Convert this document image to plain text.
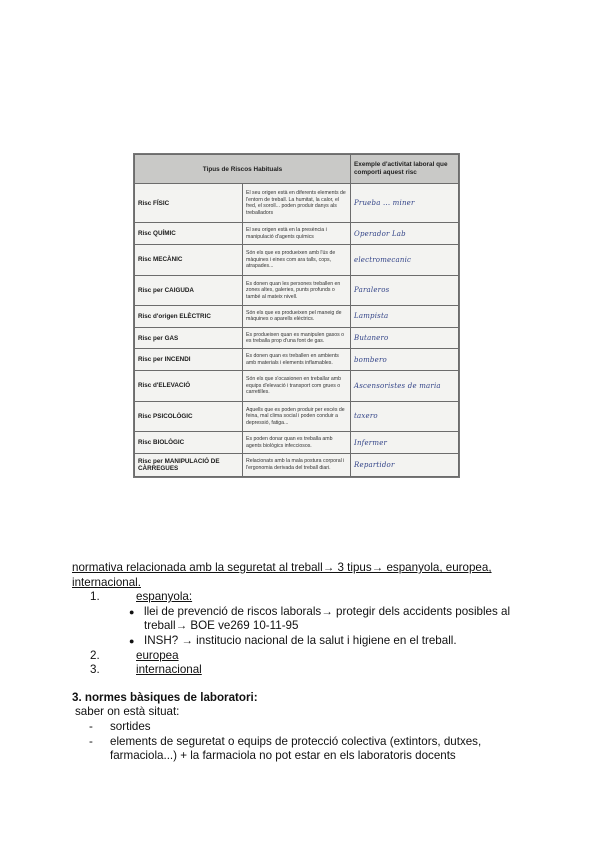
Tipus de Riscos Habituals		Exemple d'activitat laboral que comporti aquest risc
Risc FÍSIC	El seu origen està en diferents elements de l'entorn de treball. La humitat, la calor, el fred, el soroll... poden produir danys als treballadors	Prueba ... miner
Risc QUÍMIC	El seu origen està en la presència i manipulació d'agents químics	Operador Lab
Risc MECÀNIC	Són els que es produeixen amb l'ús de màquines i eines com ara talls, cops, atrapades...	electromecanic
Risc per CAIGUDA	Es donen quan les persones treballen en zones altes, galeries, punts profunds o també al mateix nivell.	Paraleros
Risc d'origen ELÈCTRIC	Són els que es produeixen pel maneig de màquines o aparells elèctrics.	Lampista
Risc per GAS	Es produeixen quan es manipulen gasos o es treballa prop d'una font de gas.	Butanero
Risc per INCENDI	Es donen quan es treballen en ambients amb materials i elements inflamables.	bombero
Risc d'ELEVACIÓ	Són els que s'ocasionen en treballar amb equips d'elevació i transport com grues o carretilles.	Ascensoristes de maria
Risc PSICOLÒGIC	Aquells que es poden produir per excés de feina, mal clima social i poden conduir a depressió, fatiga...	taxero
Risc BIOLÒGIC	Es poden donar quan es treballa amb agents biològics infecciosos.	Infermer
Risc per MANIPULACIÓ DE CÀRREGUES	Relacionats amb la mala postura corporal i l'ergonomia derivada del treball diari.	Repartidor
normativa relacionada amb la seguretat al treball→ 3 tipus→ espanyola, europea,
internacional.
1.	espanyola:
● llei de prevenció de riscos laborals→ protegir dels accidents posibles al
treball→ BOE ve269 10-11-95
● INSH? → institucio nacional de la salut i higiene en el treball.
2.	europea
3.	internacional
3. normes bàsiques de laboratori:
saber on està situat:
- sortides
- elements de seguretat o equips de protecció colectiva (extintors, dutxes,
farmaciola...) + la farmaciola no pot estar en els laboratoris docents
